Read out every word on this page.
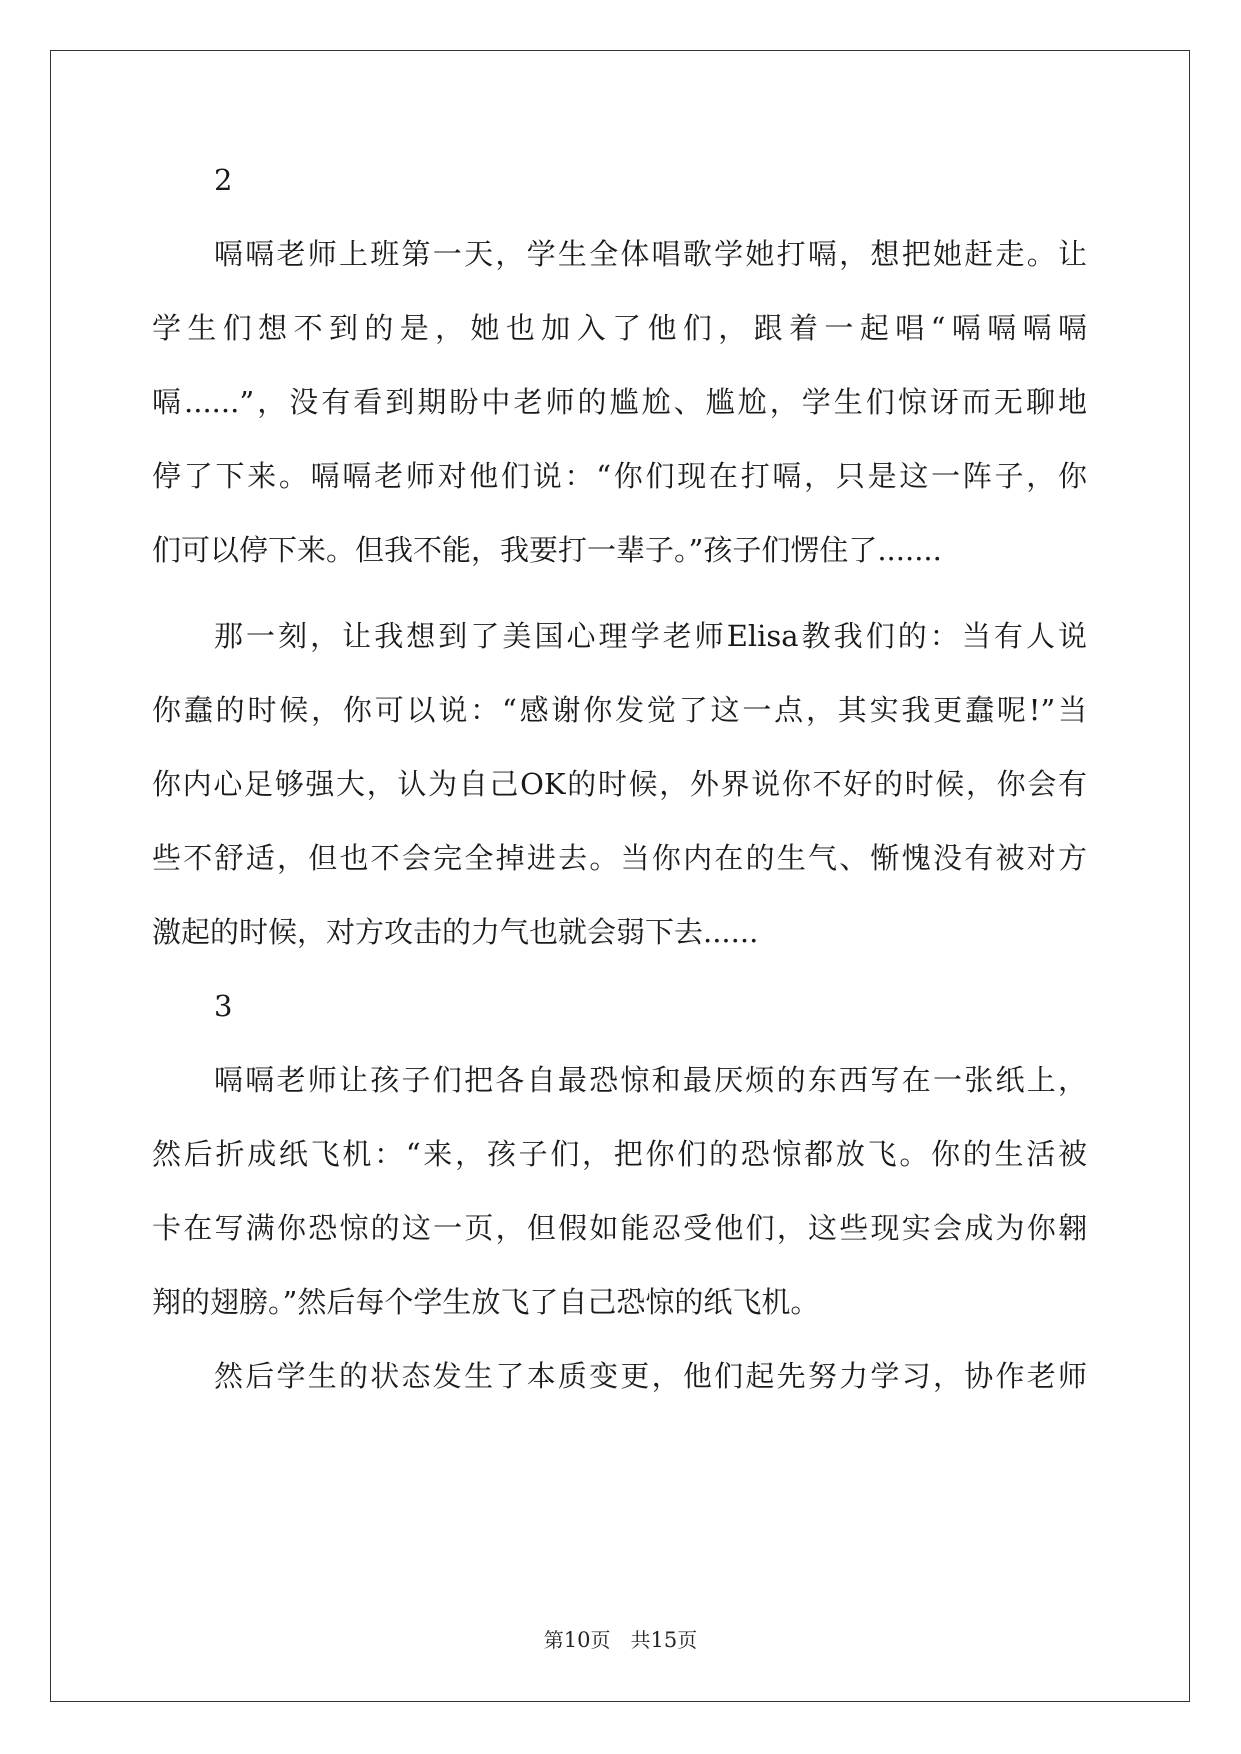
2
嗝嗝老师上班第一天，学生全体唱歌学她打嗝，想把她赶走。让
学生们想不到的是，她也加入了他们，跟着一起唱“嗝嗝嗝嗝
嗝......”，没有看到期盼中老师的尴尬、尴尬，学生们惊讶而无聊地
停了下来。嗝嗝老师对他们说：“你们现在打嗝，只是这一阵子，你
们可以停下来。但我不能，我要打一辈子。”孩子们愣住了.......
那一刻，让我想到了美国心理学老师Elisa教我们的：当有人说
你蠢的时候，你可以说：“感谢你发觉了这一点，其实我更蠢呢!”当
你内心足够强大，认为自己OK的时候，外界说你不好的时候，你会有
些不舒适，但也不会完全掉进去。当你内在的生气、惭愧没有被对方
激起的时候，对方攻击的力气也就会弱下去......
3
嗝嗝老师让孩子们把各自最恐惊和最厌烦的东西写在一张纸上，
然后折成纸飞机：“来，孩子们，把你们的恐惊都放飞。你的生活被
卡在写满你恐惊的这一页，但假如能忍受他们，这些现实会成为你翱
翔的翅膀。”然后每个学生放飞了自己恐惊的纸飞机。
然后学生的状态发生了本质变更，他们起先努力学习，协作老师
第10页　共15页
